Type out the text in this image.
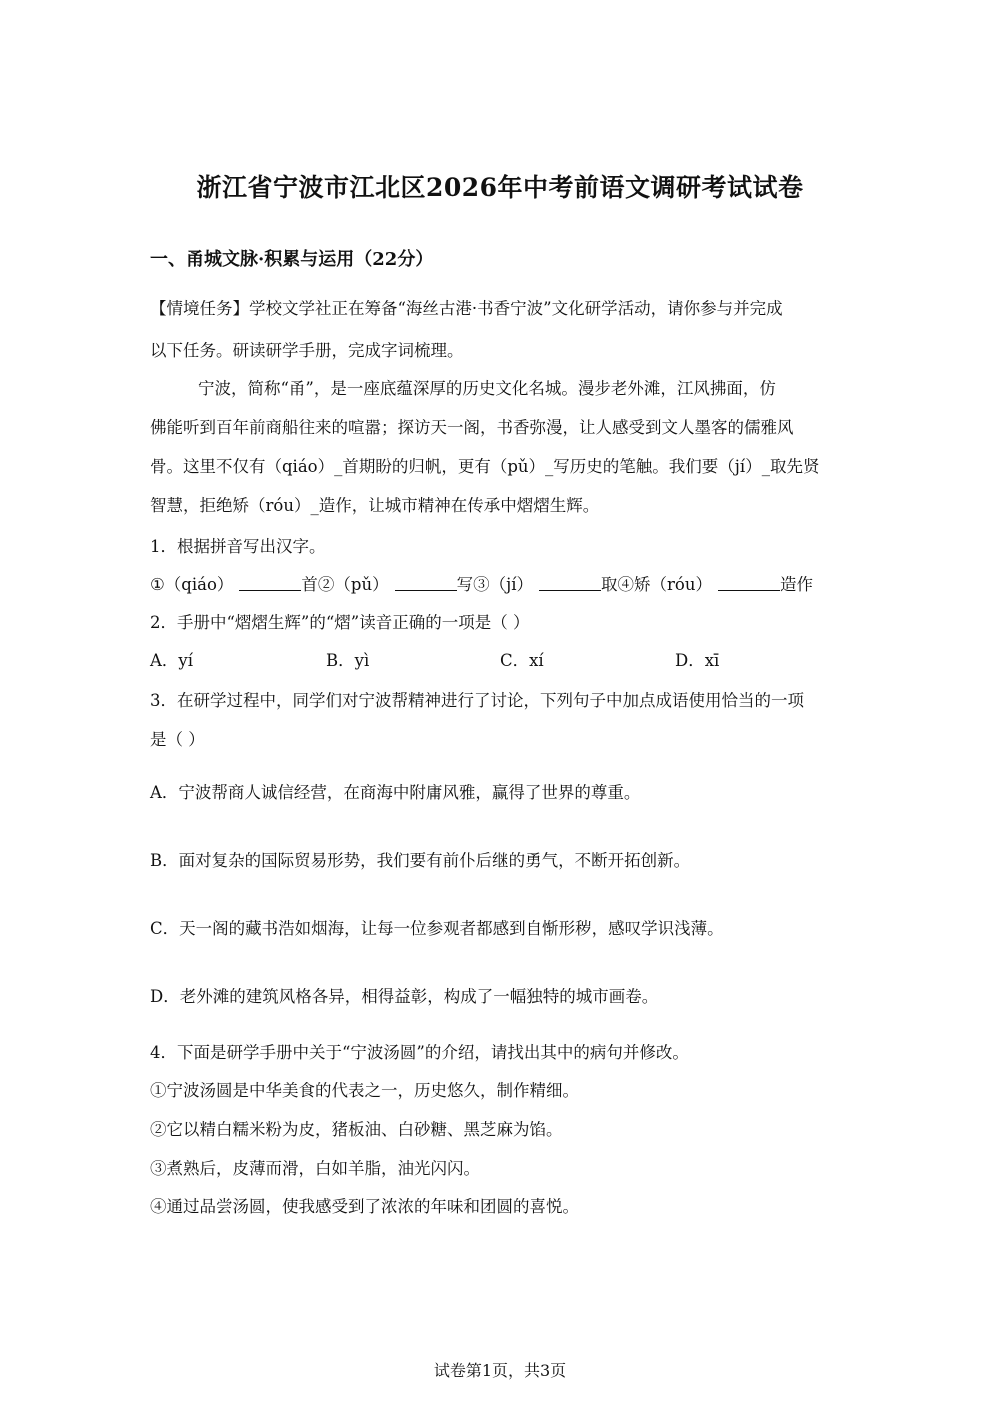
浙江省宁波市江北区2026年中考前语文调研考试试卷
一、甬城文脉·积累与运用（22分）
【情境任务】学校文学社正在筹备“海丝古港·书香宁波”文化研学活动，请你参与并完成
以下任务。研读研学手册，完成字词梳理。
宁波，简称“甬”，是一座底蕴深厚的历史文化名城。漫步老外滩，江风拂面，仿
佛能听到百年前商船往来的喧嚣；探访天一阁，书香弥漫，让人感受到文人墨客的儒雅风
骨。这里不仅有（qiáo）_首期盼的归帆，更有（pǔ）_写历史的笔触。我们要（jí）_取先贤
智慧，拒绝矫（róu）_造作，让城市精神在传承中熠熠生辉。
1．根据拼音写出汉字。
①（qiáo）	首②（pǔ）	写③（jí）	取④矫（róu）	造作
2．手册中“熠熠生辉”的“熠”读音正确的一项是（ ）
A．yí	B．yì	C．xí	D．xī
3．在研学过程中，同学们对宁波帮精神进行了讨论，下列句子中加点成语使用恰当的一项
是（ ）
A．宁波帮商人诚信经营，在商海中附庸风雅，赢得了世界的尊重。
B．面对复杂的国际贸易形势，我们要有前仆后继的勇气，不断开拓创新。
C．天一阁的藏书浩如烟海，让每一位参观者都感到自惭形秽，感叹学识浅薄。
D．老外滩的建筑风格各异，相得益彰，构成了一幅独特的城市画卷。
4．下面是研学手册中关于“宁波汤圆”的介绍，请找出其中的病句并修改。
①宁波汤圆是中华美食的代表之一，历史悠久，制作精细。
②它以精白糯米粉为皮，猪板油、白砂糖、黑芝麻为馅。
③煮熟后，皮薄而滑，白如羊脂，油光闪闪。
④通过品尝汤圆，使我感受到了浓浓的年味和团圆的喜悦。
试卷第1页，共3页
